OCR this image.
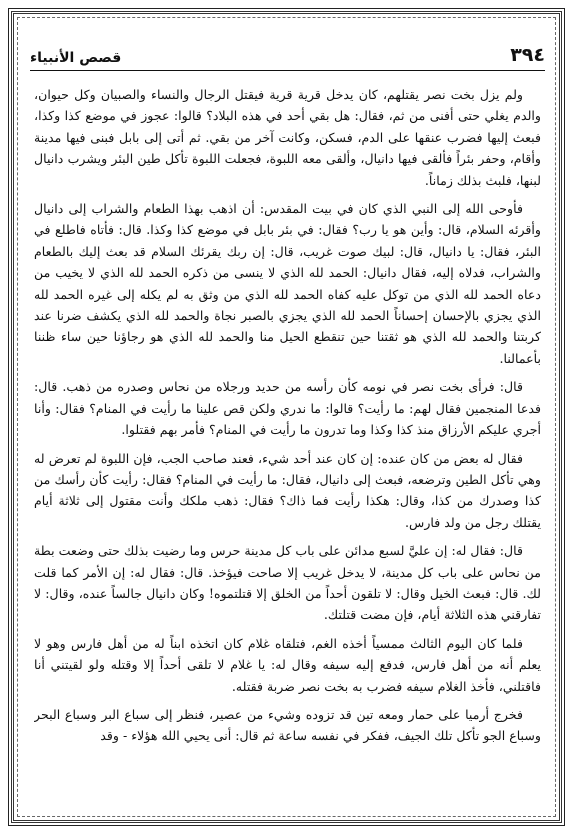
٣٩٤
قصص الأنبياء

ولم يزل بخت نصر يقتلهم، كان يدخل قرية قرية فيقتل الرجال والنساء والصبيان وكل حيوان، والدم يغلي حتى أفنى من ثم، فقال: هل بقي أحد في هذه البلاد؟ قالوا: عجوز في موضع كذا وكذا، فبعث إليها فضرب عنقها على الدم، فسكن، وكانت آخر من بقي. ثم أتى إلى بابل فبنى فيها مدينة وأقام، وحفر بئراً فألقى فيها دانيال، وألقى معه اللبوة، فجعلت اللبوة تأكل طين البئر ويشرب دانيال لبنها، فلبث بذلك زماناً.

فأوحى الله إلى النبي الذي كان في بيت المقدس: أن اذهب بهذا الطعام والشراب إلى دانيال وأقرئه السلام، قال: وأين هو يا رب؟ فقال: في بئر بابل في موضع كذا وكذا. قال: فأتاه فاطلع في البئر، فقال: يا دانيال، قال: لبيك صوت غريب، قال: إن ربك يقرئك السلام قد بعث إليك بالطعام والشراب، فدلاه إليه، فقال دانيال: الحمد لله الذي لا ينسى من ذكره الحمد لله الذي لا يخيب من دعاه الحمد لله الذي من توكل عليه كفاه الحمد لله الذي من وثق به لم يكله إلى غيره الحمد لله الذي يجزي بالإحسان إحساناً الحمد لله الذي يجزي بالصبر نجاة والحمد لله الذي يكشف ضرنا عند كربتنا والحمد لله الذي هو ثقتنا حين تنقطع الحيل منا والحمد لله الذي هو رجاؤنا حين ساء ظننا بأعمالنا.

قال: فرأى بخت نصر في نومه كأن رأسه من حديد ورجلاه من نحاس وصدره من ذهب. قال: فدعا المنجمين فقال لهم: ما رأيت؟ قالوا: ما ندري ولكن قص علينا ما رأيت في المنام؟ فقال: وأنا أجري عليكم الأرزاق منذ كذا وكذا وما تدرون ما رأيت في المنام؟ فأمر بهم فقتلوا.

فقال له بعض من كان عنده: إن كان عند أحد شيء، فعند صاحب الجب، فإن اللبوة لم تعرض له وهي تأكل الطين وترضعه، فبعث إلى دانيال، فقال: ما رأيت في المنام؟ فقال: رأيت كأن رأسك من كذا وصدرك من كذا، وقال: هكذا رأيت فما ذاك؟ فقال: ذهب ملكك وأنت مقتول إلى ثلاثة أيام يقتلك رجل من ولد فارس.

قال: فقال له: إن عليَّ لسبع مدائن على باب كل مدينة حرس وما رضيت بذلك حتى وضعت بطة من نحاس على باب كل مدينة، لا يدخل غريب إلا صاحت فيؤخذ. قال: فقال له: إن الأمر كما قلت لك. قال: فبعث الخيل وقال: لا تلقون أحداً من الخلق إلا قتلتموه! وكان دانيال جالساً عنده، وقال: لا تفارقني هذه الثلاثة أيام، فإن مضت قتلتك.

فلما كان اليوم الثالث ممسياً أخذه الغم، فتلقاه غلام كان اتخذه ابناً له من أهل فارس وهو لا يعلم أنه من أهل فارس، فدفع إليه سيفه وقال له: يا غلام لا تلقى أحداً إلا وقتله ولو لقيتني أنا فاقتلني، فأخذ الغلام سيفه فضرب به بخت نصر ضربة فقتله.

فخرج أرميا على حمار ومعه تين قد تزوده وشيء من عصير، فنظر إلى سباع البر وسباع البحر وسباع الجو تأكل تلك الجيف، ففكر في نفسه ساعة ثم قال: أنى يحيي الله هؤلاء - وقد
